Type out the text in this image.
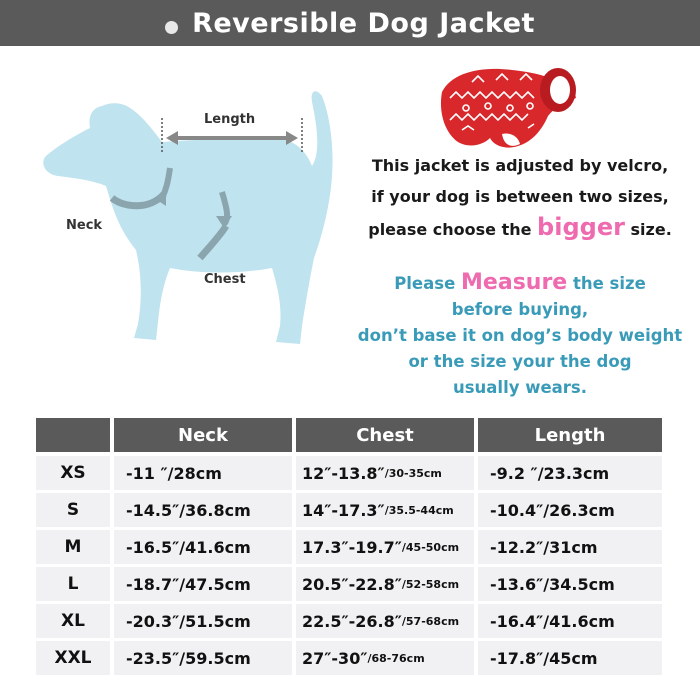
Reversible Dog Jacket
Length
Neck
Chest
This jacket is adjusted by velcro,
if your dog is between two sizes,
please choose the bigger size.
Please Measure the size
before buying,
don’t base it on dog’s body weight
or the size your the dog
usually wears.
Neck	Chest	Length
XS	-11 ″/28cm	12″-13.8″ /30-35cm	-9.2 ″/23.3cm
S	-14.5″/36.8cm	14″-17.3″ /35.5-44cm	-10.4″/26.3cm
M	-16.5″/41.6cm	17.3″-19.7″ /45-50cm	-12.2″/31cm
L	-18.7″/47.5cm	20.5″-22.8″ /52-58cm	-13.6″/34.5cm
XL	-20.3″/51.5cm	22.5″-26.8″ /57-68cm	-16.4″/41.6cm
XXL	-23.5″/59.5cm	27″-30″ /68-76cm	-17.8″/45cm
